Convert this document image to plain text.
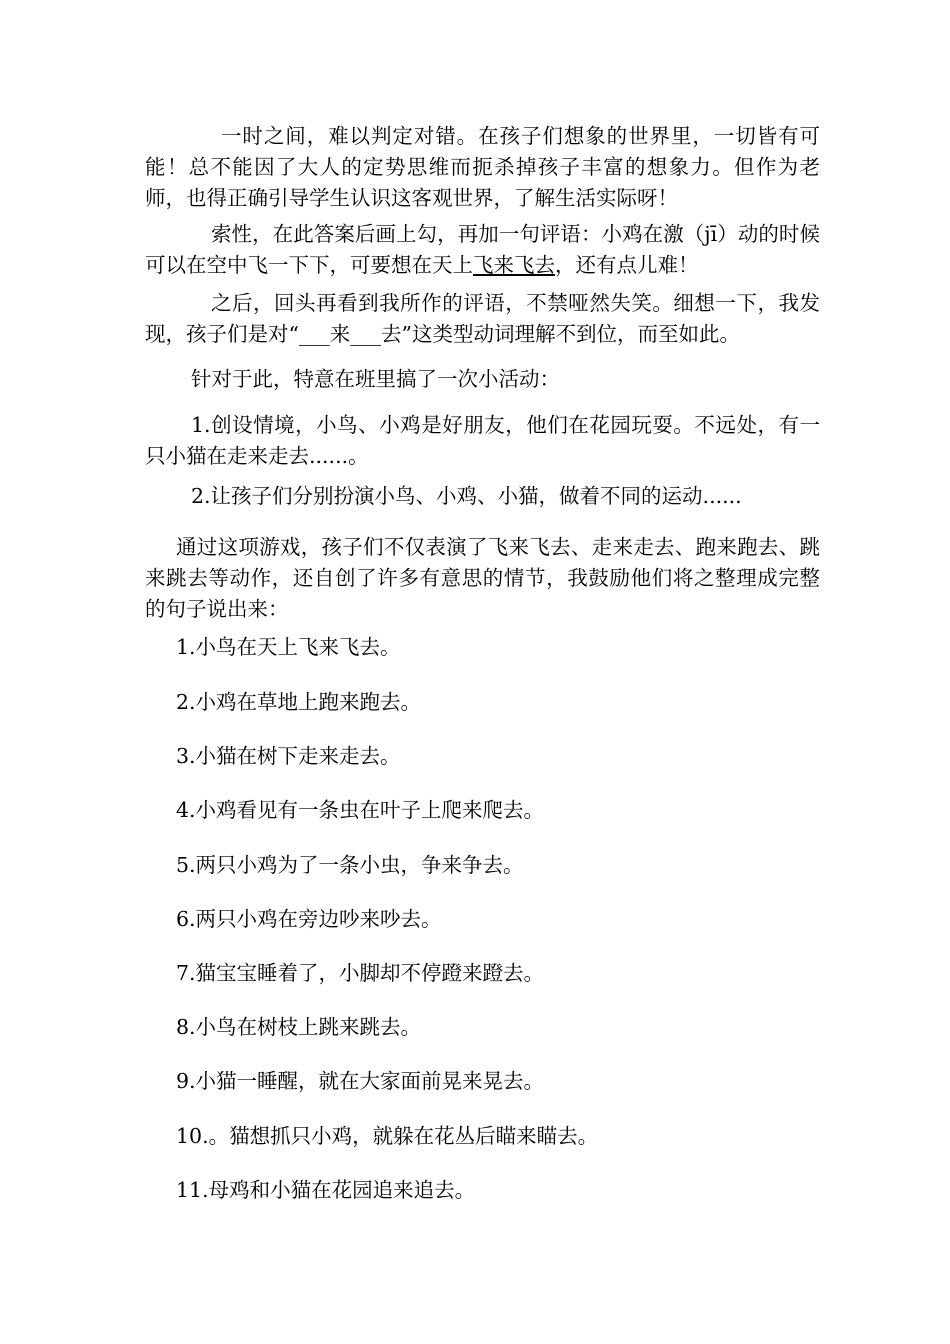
一时之间，难以判定对错。在孩子们想象的世界里，一切皆有可能！总不能因了大人的定势思维而扼杀掉孩子丰富的想象力。但作为老师，也得正确引导学生认识这客观世界，了解生活实际呀！

索性，在此答案后画上勾，再加一句评语：小鸡在激（jī）动的时候可以在空中飞一下下，可要想在天上飞来飞去，还有点儿难！

之后，回头再看到我所作的评语，不禁哑然失笑。细想一下，我发现，孩子们是对“___来___去”这类型动词理解不到位，而至如此。

针对于此，特意在班里搞了一次小活动：

1.创设情境，小鸟、小鸡是好朋友，他们在花园玩耍。不远处，有一只小猫在走来走去......。

2.让孩子们分别扮演小鸟、小鸡、小猫，做着不同的运动......

通过这项游戏，孩子们不仅表演了飞来飞去、走来走去、跑来跑去、跳来跳去等动作，还自创了许多有意思的情节，我鼓励他们将之整理成完整的句子说出来：

1.小鸟在天上飞来飞去。

2.小鸡在草地上跑来跑去。

3.小猫在树下走来走去。

4.小鸡看见有一条虫在叶子上爬来爬去。

5.两只小鸡为了一条小虫，争来争去。

6.两只小鸡在旁边吵来吵去。

7.猫宝宝睡着了，小脚却不停蹬来蹬去。

8.小鸟在树枝上跳来跳去。

9.小猫一睡醒，就在大家面前晃来晃去。

10.。猫想抓只小鸡，就躲在花丛后瞄来瞄去。

11.母鸡和小猫在花园追来追去。
